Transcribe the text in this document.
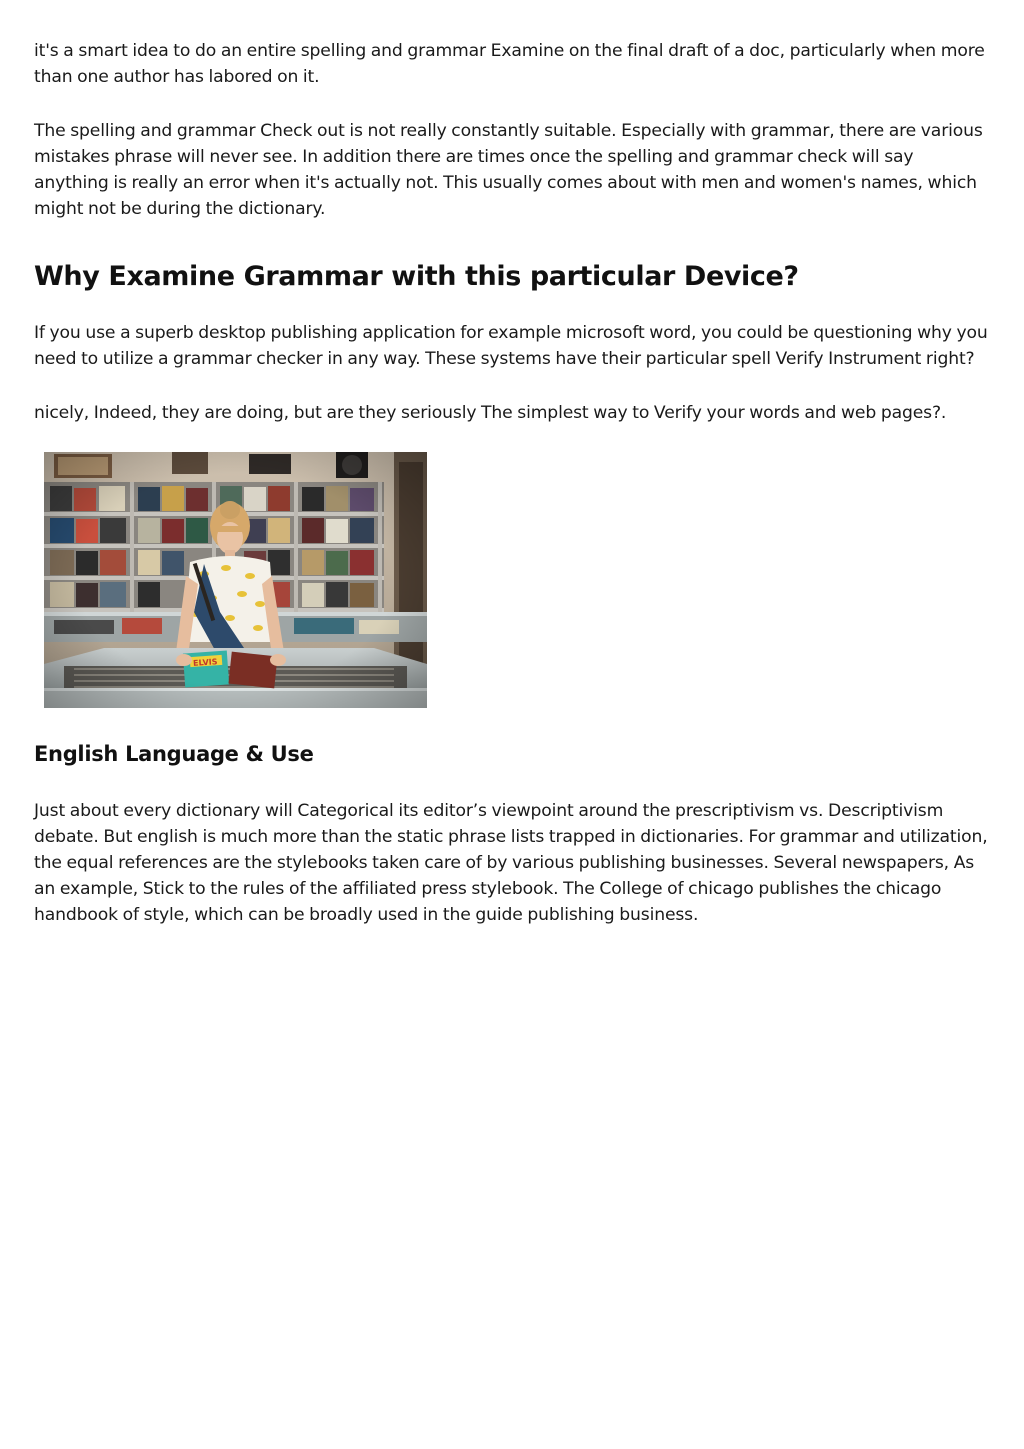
it's a smart idea to do an entire spelling and grammar Examine on the final draft of a doc, particularly when more than one author has labored on it.

The spelling and grammar Check out is not really constantly suitable. Especially with grammar, there are various mistakes phrase will never see. In addition there are times once the spelling and grammar check will say anything is really an error when it's actually not. This usually comes about with men and women's names, which might not be during the dictionary.

Why Examine Grammar with this particular Device?

If you use a superb desktop publishing application for example microsoft word, you could be questioning why you need to utilize a grammar checker in any way. These systems have their particular spell Verify Instrument right?

nicely, Indeed, they are doing, but are they seriously The simplest way to Verify your words and web pages?.

English Language & Use

Just about every dictionary will Categorical its editor’s viewpoint around the prescriptivism vs. Descriptivism debate. But english is much more than the static phrase lists trapped in dictionaries. For grammar and utilization, the equal references are the stylebooks taken care of by various publishing businesses. Several newspapers, As an example, Stick to the rules of the affiliated press stylebook. The College of chicago publishes the chicago handbook of style, which can be broadly used in the guide publishing business.
